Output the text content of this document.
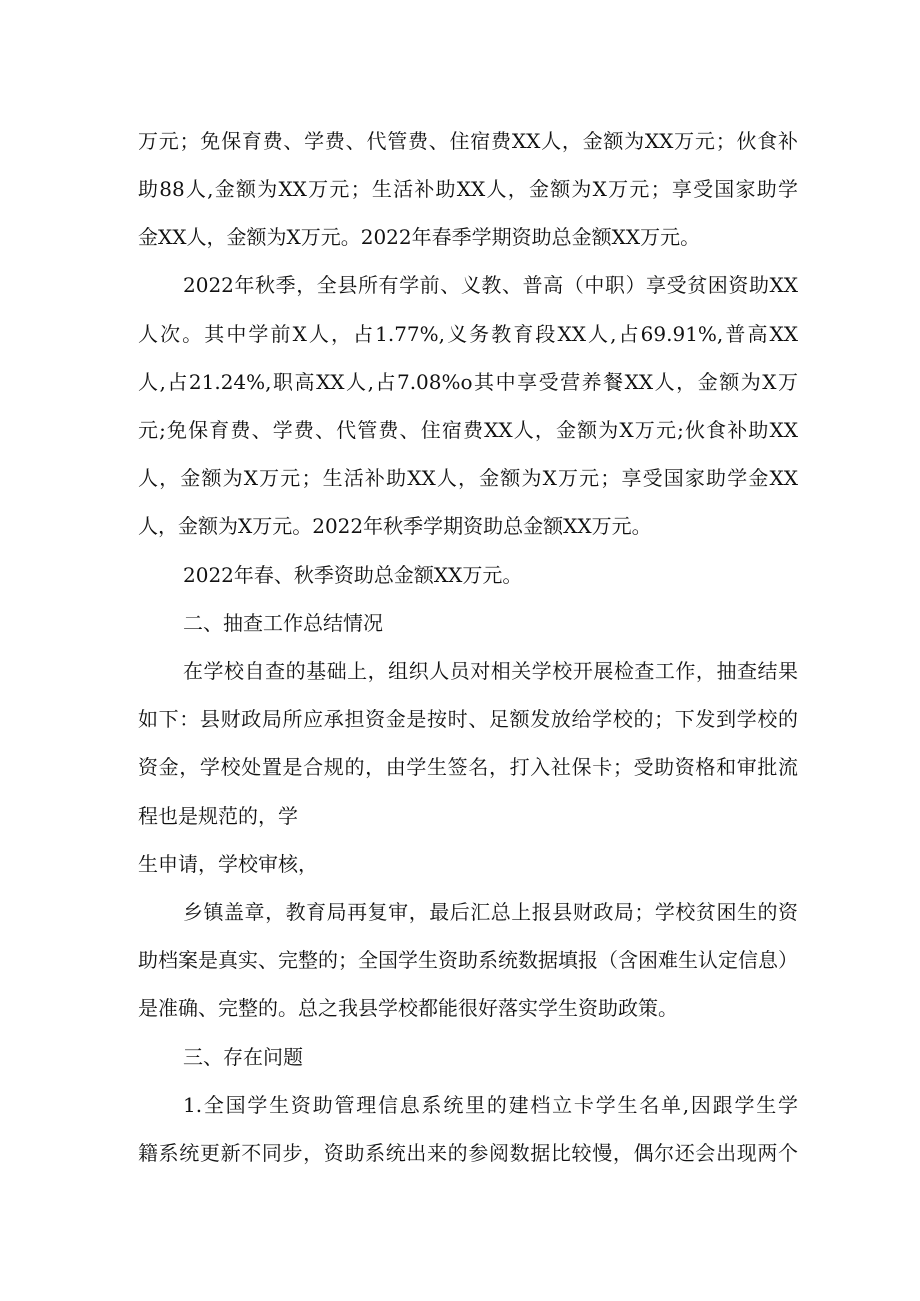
万元；免保育费、学费、代管费、住宿费XX人，金额为XX万元；伙食补
助88人,金额为XX万元；生活补助XX人，金额为X万元；享受国家助学
金XX人，金额为X万元。2022年春季学期资助总金额XX万元。
2022年秋季，全县所有学前、义教、普高（中职）享受贫困资助XX
人次。其中学前X人，占1.77%,义务教育段XX人,占69.91%,普高XX
人,占21.24%,职高XX人,占7.08%o其中享受营养餐XX人，金额为X万
元;免保育费、学费、代管费、住宿费XX人，金额为X万元;伙食补助XX
人，金额为X万元；生活补助XX人，金额为X万元；享受国家助学金XX
人，金额为X万元。2022年秋季学期资助总金额XX万元。
2022年春、秋季资助总金额XX万元。
二、抽查工作总结情况
在学校自查的基础上，组织人员对相关学校开展检查工作，抽查结果
如下：县财政局所应承担资金是按时、足额发放给学校的；下发到学校的
资金，学校处置是合规的，由学生签名，打入社保卡；受助资格和审批流
程也是规范的，学
生申请，学校审核，
乡镇盖章，教育局再复审，最后汇总上报县财政局；学校贫困生的资
助档案是真实、完整的；全国学生资助系统数据填报（含困难生认定信息）
是准确、完整的。总之我县学校都能很好落实学生资助政策。
三、存在问题
1.全国学生资助管理信息系统里的建档立卡学生名单,因跟学生学
籍系统更新不同步，资助系统出来的参阅数据比较慢，偶尔还会出现两个
